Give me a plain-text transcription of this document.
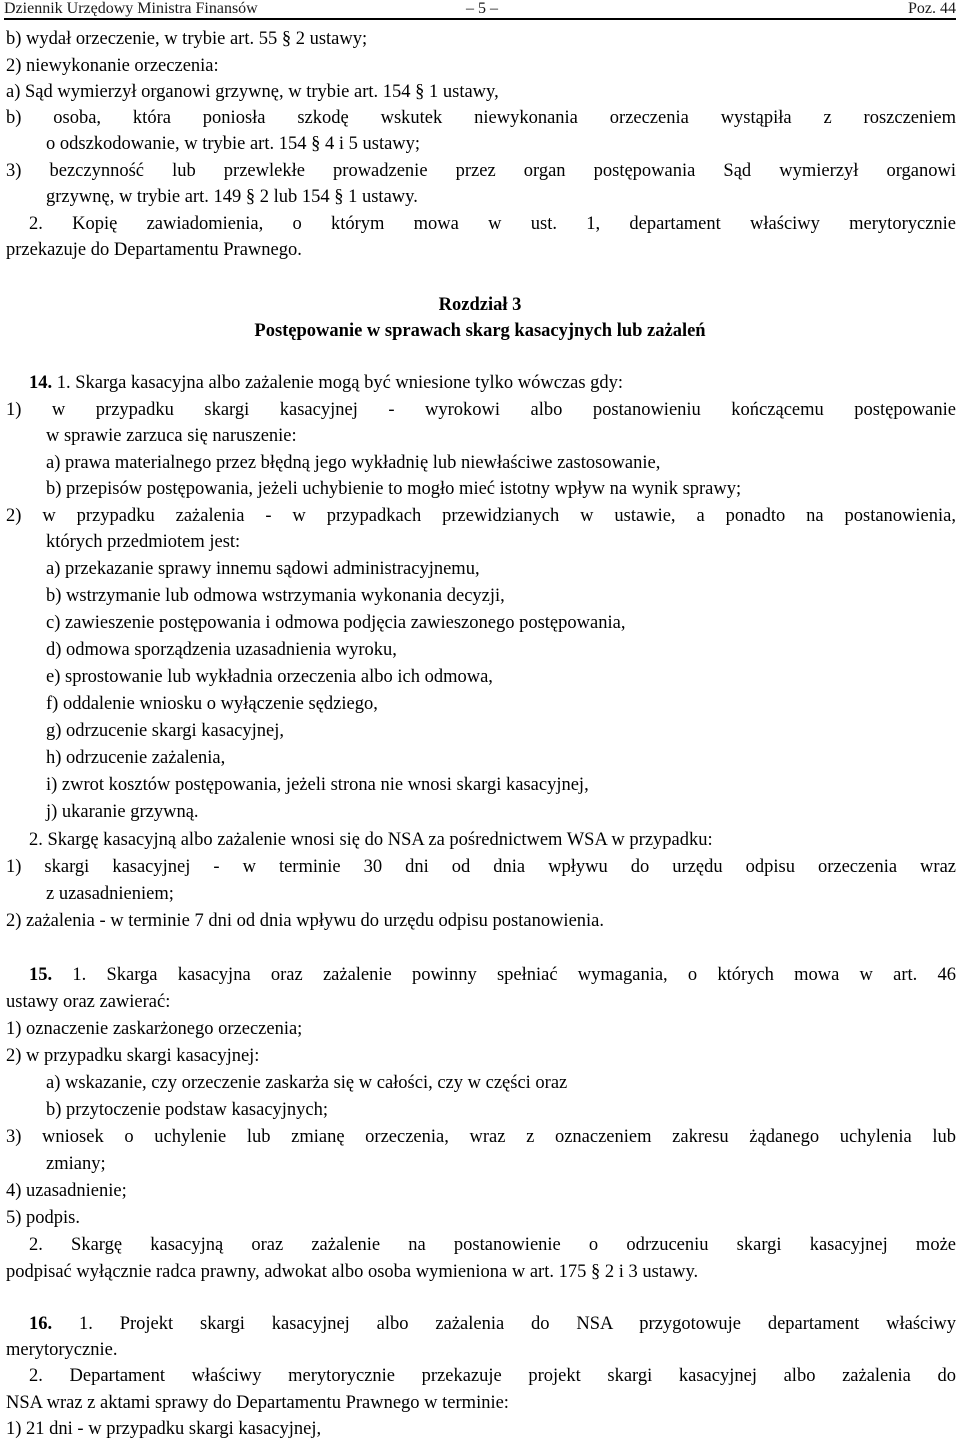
Dziennik Urzędowy Ministra Finansów	– 5 –	Poz. 44
b) wydał orzeczenie, w trybie art. 55 § 2 ustawy;
2) niewykonanie orzeczenia:
a) Sąd wymierzył organowi grzywnę, w trybie art. 154 § 1 ustawy,
b) osoba, która poniosła szkodę wskutek niewykonania orzeczenia wystąpiła z roszczeniem
o odszkodowanie, w trybie art. 154 § 4 i 5 ustawy;
3) bezczynność lub przewlekłe prowadzenie przez organ postępowania Sąd wymierzył organowi
grzywnę, w trybie art. 149 § 2 lub 154 § 1 ustawy.
2. Kopię zawiadomienia, o którym mowa w ust. 1, departament właściwy merytorycznie
przekazuje do Departamentu Prawnego.
Rozdział 3
Postępowanie w sprawach skarg kasacyjnych lub zażaleń
14. 1. Skarga kasacyjna albo zażalenie mogą być wniesione tylko wówczas gdy:
1) w przypadku skargi kasacyjnej - wyrokowi albo postanowieniu kończącemu postępowanie
w sprawie zarzuca się naruszenie:
a) prawa materialnego przez błędną jego wykładnię lub niewłaściwe zastosowanie,
b) przepisów postępowania, jeżeli uchybienie to mogło mieć istotny wpływ na wynik sprawy;
2) w przypadku zażalenia - w przypadkach przewidzianych w ustawie, a ponadto na postanowienia,
których przedmiotem jest:
a) przekazanie sprawy innemu sądowi administracyjnemu,
b) wstrzymanie lub odmowa wstrzymania wykonania decyzji,
c) zawieszenie postępowania i odmowa podjęcia zawieszonego postępowania,
d) odmowa sporządzenia uzasadnienia wyroku,
e) sprostowanie lub wykładnia orzeczenia albo ich odmowa,
f) oddalenie wniosku o wyłączenie sędziego,
g) odrzucenie skargi kasacyjnej,
h) odrzucenie zażalenia,
i) zwrot kosztów postępowania, jeżeli strona nie wnosi skargi kasacyjnej,
j) ukaranie grzywną.
2. Skargę kasacyjną albo zażalenie wnosi się do NSA za pośrednictwem WSA w przypadku:
1) skargi kasacyjnej - w terminie 30 dni od dnia wpływu do urzędu odpisu orzeczenia wraz
z uzasadnieniem;
2) zażalenia - w terminie 7 dni od dnia wpływu do urzędu odpisu postanowienia.
15. 1. Skarga kasacyjna oraz zażalenie powinny spełniać wymagania, o których mowa w art. 46
ustawy oraz zawierać:
1) oznaczenie zaskarżonego orzeczenia;
2) w przypadku skargi kasacyjnej:
a) wskazanie, czy orzeczenie zaskarża się w całości, czy w części oraz
b) przytoczenie podstaw kasacyjnych;
3) wniosek o uchylenie lub zmianę orzeczenia, wraz z oznaczeniem zakresu żądanego uchylenia lub
zmiany;
4) uzasadnienie;
5) podpis.
2. Skargę kasacyjną oraz zażalenie na postanowienie o odrzuceniu skargi kasacyjnej może
podpisać wyłącznie radca prawny, adwokat albo osoba wymieniona w art. 175 § 2 i 3 ustawy.
16. 1. Projekt skargi kasacyjnej albo zażalenia do NSA przygotowuje departament właściwy
merytorycznie.
2. Departament właściwy merytorycznie przekazuje projekt skargi kasacyjnej albo zażalenia do
NSA wraz z aktami sprawy do Departamentu Prawnego w terminie:
1) 21 dni - w przypadku skargi kasacyjnej,
